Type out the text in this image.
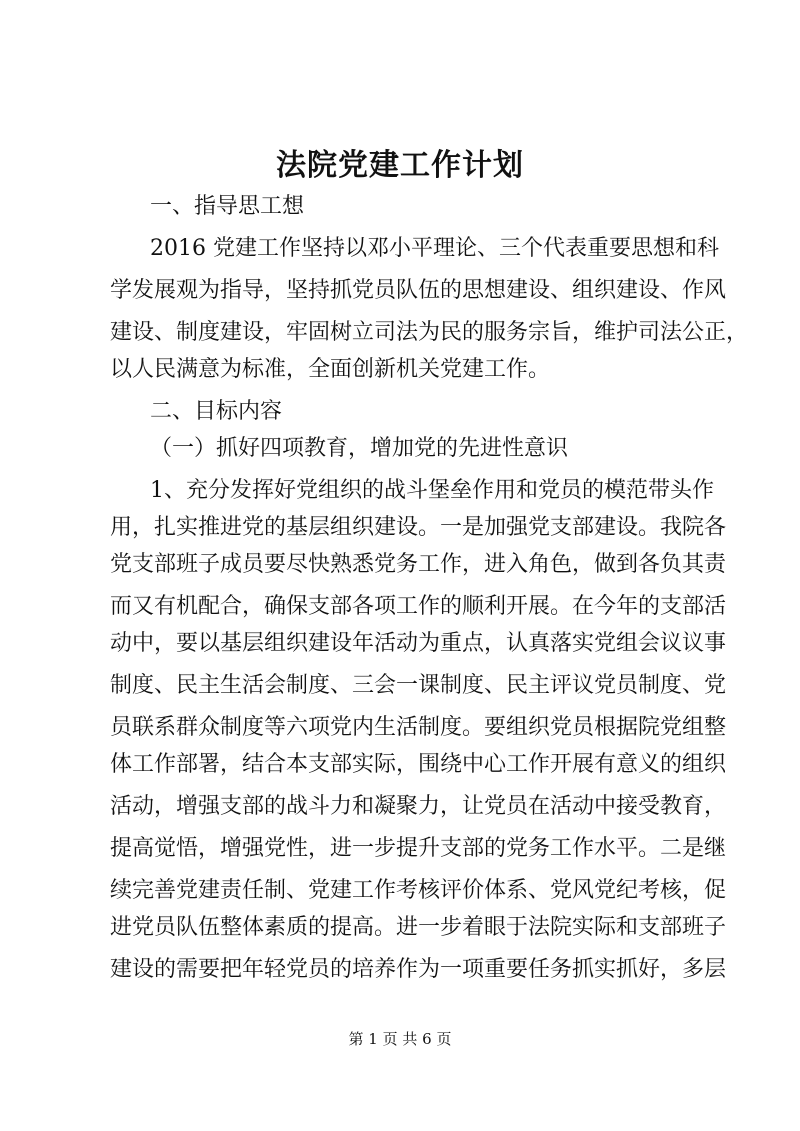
法院党建工作计划

一、指导思工想

2016 党建工作坚持以邓小平理论、三个代表重要思想和科

学发展观为指导，坚持抓党员队伍的思想建设、组织建设、作风

建设、制度建设，牢固树立司法为民的服务宗旨，维护司法公正，

以人民满意为标准，全面创新机关党建工作。

二、目标内容

（一）抓好四项教育，增加党的先进性意识

1、充分发挥好党组织的战斗堡垒作用和党员的模范带头作

用，扎实推进党的基层组织建设。一是加强党支部建设。我院各

党支部班子成员要尽快熟悉党务工作，进入角色，做到各负其责

而又有机配合，确保支部各项工作的顺利开展。在今年的支部活

动中，要以基层组织建设年活动为重点，认真落实党组会议议事

制度、民主生活会制度、三会一课制度、民主评议党员制度、党

员联系群众制度等六项党内生活制度。要组织党员根据院党组整

体工作部署，结合本支部实际，围绕中心工作开展有意义的组织

活动，增强支部的战斗力和凝聚力，让党员在活动中接受教育，

提高觉悟，增强党性，进一步提升支部的党务工作水平。二是继

续完善党建责任制、党建工作考核评价体系、党风党纪考核，促

进党员队伍整体素质的提高。进一步着眼于法院实际和支部班子

建设的需要把年轻党员的培养作为一项重要任务抓实抓好，多层

第 1 页 共 6 页
